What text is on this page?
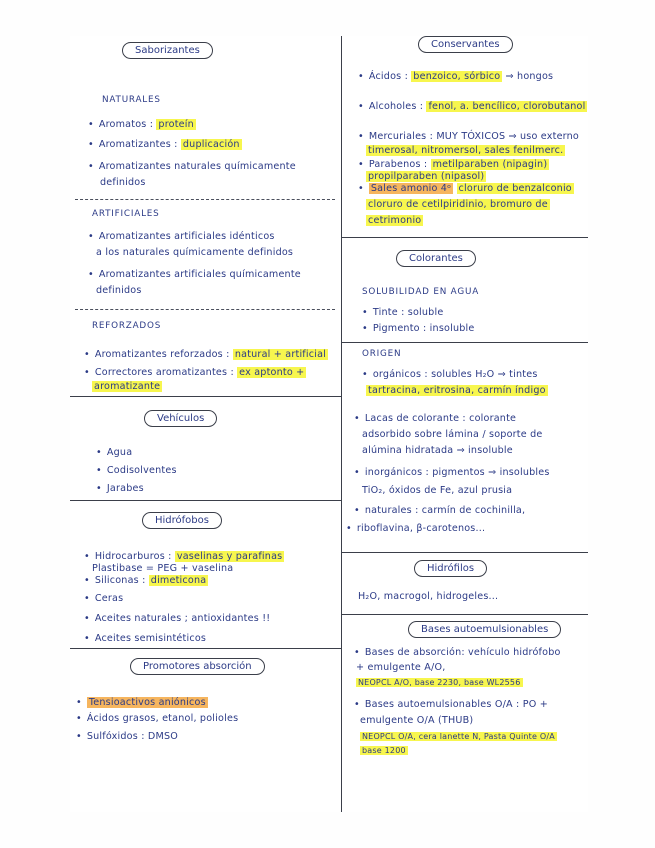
Saborizantes
NATURALES
• Aromatos : proteín
• Aromatizantes : duplicación
• Aromatizantes naturales químicamente
definidos
ARTIFICIALES
• Aromatizantes artificiales idénticos
a los naturales químicamente definidos
• Aromatizantes artificiales químicamente
definidos
REFORZADOS
• Aromatizantes reforzados : natural + artificial
• Correctores aromatizantes : ex aptonto +
aromatizante
Vehículos
• Agua
• Codisolventes
• Jarabes
Hidrófobos
• Hidrocarburos : vaselinas y parafinas
Plastibase = PEG + vaselina
• Siliconas : dimeticona
• Ceras
• Aceites naturales ; antioxidantes !!
• Aceites semisintéticos
Promotores absorción
• Tensioactivos aniónicos
• Ácidos grasos, etanol, polioles
• Sulfóxidos : DMSO
Conservantes
• Ácidos : benzoico, sórbico ⇒ hongos
• Alcoholes : fenol, a. bencílico, clorobutanol
• Mercuriales : MUY TÓXICOS ⇒ uso externo
timerosal, nitromersol, sales fenilmerc.
• Parabenos : metilparaben (nipagin)
propilparaben (nipasol)
• Sales amonio 4ᵒ cloruro de benzalconio
cloruro de cetilpiridinio, bromuro de
cetrimonio
Colorantes
SOLUBILIDAD EN AGUA
• Tinte : soluble
• Pigmento : insoluble
ORIGEN
• orgánicos : solubles H₂O ⇒ tintes
tartracina, eritrosina, carmín índigo
• Lacas de colorante : colorante
adsorbido sobre lámina / soporte de
alúmina hidratada ⇒ insoluble
• inorgánicos : pigmentos ⇒ insolubles
TiO₂, óxidos de Fe, azul prusia
• naturales : carmín de cochinilla,
• riboflavina, β-carotenos...
Hidrófilos
H₂O, macrogol, hidrogeles...
Bases autoemulsionables
• Bases de absorción: vehículo hidrófobo
+ emulgente A/O,
NEOPCL A/O, base 2230, base WL2556
• Bases autoemulsionables O/A : PO +
emulgente O/A (THUB)
NEOPCL O/A, cera lanette N, Pasta Quinte O/A
base 1200
